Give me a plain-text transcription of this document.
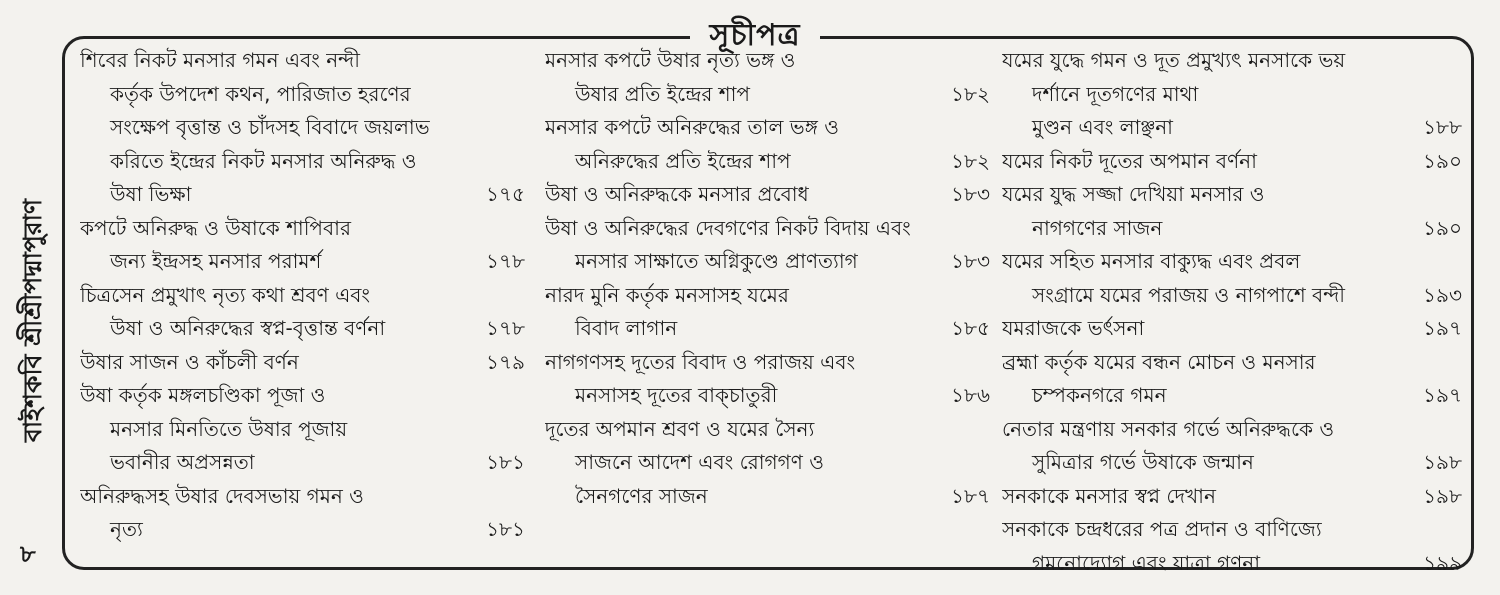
সূচীপত্র
বাইশকবি শ্রীশ্রীপদ্মাপুরাণ
৮
শিবের নিকট মনসার গমন এবং নন্দী
কর্তৃক উপদেশ কথন, পারিজাত হরণের
সংক্ষেপ বৃত্তান্ত ও চাঁদসহ বিবাদে জয়লাভ
করিতে ইন্দ্রের নিকট মনসার অনিরুদ্ধ ও
উষা ভিক্ষা	১৭৫
কপটে অনিরুদ্ধ ও উষাকে শাপিবার
জন্য ইন্দ্রসহ মনসার পরামর্শ	১৭৮
চিত্রসেন প্রমুখাৎ নৃত্য কথা শ্রবণ এবং
উষা ও অনিরুদ্ধের স্বপ্ন-বৃত্তান্ত বর্ণনা	১৭৮
উষার সাজন ও কাঁচলী বর্ণন	১৭৯
উষা কর্তৃক মঙ্গলচণ্ডিকা পূজা ও
মনসার মিনতিতে উষার পূজায়
ভবানীর অপ্রসন্নতা	১৮১
অনিরুদ্ধসহ উষার দেবসভায় গমন ও
নৃত্য	১৮১
মনসার কপটে উষার নৃত্য ভঙ্গ ও
উষার প্রতি ইন্দ্রের শাপ	১৮২
মনসার কপটে অনিরুদ্ধের তাল ভঙ্গ ও
অনিরুদ্ধের প্রতি ইন্দ্রের শাপ	১৮২
উষা ও অনিরুদ্ধকে মনসার প্রবোধ	১৮৩
উষা ও অনিরুদ্ধের দেবগণের নিকট বিদায় এবং
মনসার সাক্ষাতে অগ্নিকুণ্ডে প্রাণত্যাগ	১৮৩
নারদ মুনি কর্তৃক মনসাসহ যমের
বিবাদ লাগান	১৮৫
নাগগণসহ দূতের বিবাদ ও পরাজয় এবং
মনসাসহ দূতের বাক্চাতুরী	১৮৬
দূতের অপমান শ্রবণ ও যমের সৈন্য
সাজনে আদেশ এবং রোগগণ ও
সৈনগণের সাজন	১৮৭
যমের যুদ্ধে গমন ও দূত প্রমুখ্যৎ মনসাকে ভয়
দর্শানে দূতগণের মাথা
মুণ্ডন এবং লাঞ্ছনা	১৮৮
যমের নিকট দূতের অপমান বর্ণনা	১৯০
যমের যুদ্ধ সজ্জা দেখিয়া মনসার ও
নাগগণের সাজন	১৯০
যমের সহিত মনসার বাক্যুদ্ধ এবং প্রবল
সংগ্রামে যমের পরাজয় ও নাগপাশে বন্দী	১৯৩
যমরাজকে ভর্ৎসনা	১৯৭
ব্রহ্মা কর্তৃক যমের বন্ধন মোচন ও মনসার
চম্পকনগরে গমন	১৯৭
নেতার মন্ত্রণায় সনকার গর্ভে অনিরুদ্ধকে ও
সুমিত্রার গর্ভে উষাকে জন্মান	১৯৮
সনকাকে মনসার স্বপ্ন দেখান	১৯৮
সনকাকে চন্দ্রধরের পত্র প্রদান ও বাণিজ্যে
গমনোদ্যোগ এবং যাত্রা গণনা	১৯৯
